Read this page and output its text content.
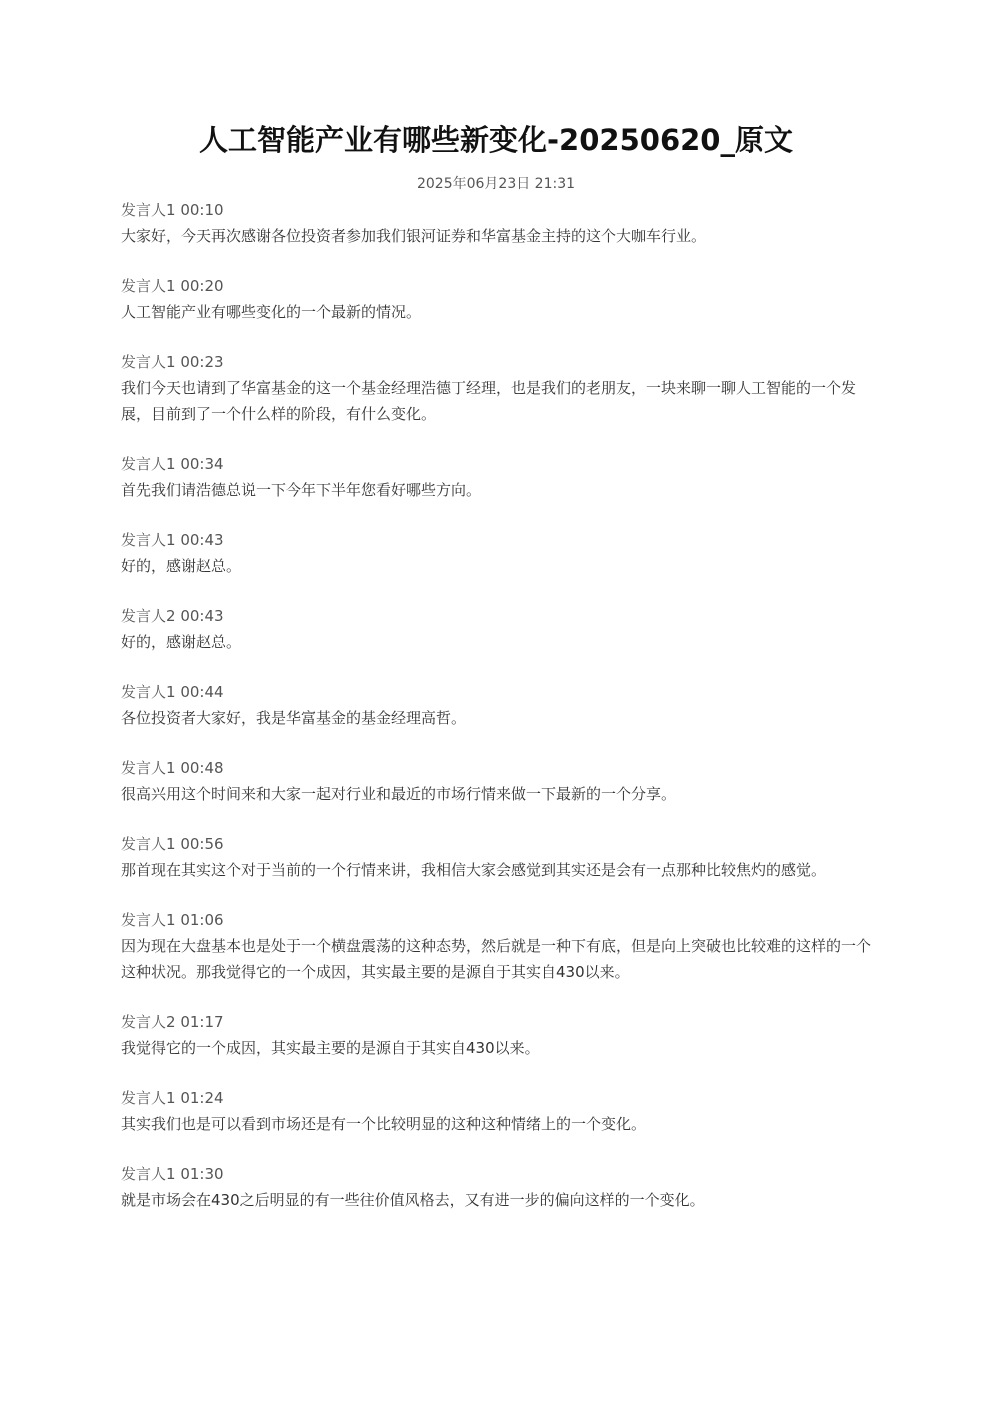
人工智能产业有哪些新变化-20250620_原文
2025年06月23日 21:31
发言人1 00:10
大家好，今天再次感谢各位投资者参加我们银河证券和华富基金主持的这个大咖车行业。
发言人1 00:20
人工智能产业有哪些变化的一个最新的情况。
发言人1 00:23
我们今天也请到了华富基金的这一个基金经理浩德丁经理，也是我们的老朋友，一块来聊一聊人工智能的一个发展，目前到了一个什么样的阶段，有什么变化。
发言人1 00:34
首先我们请浩德总说一下今年下半年您看好哪些方向。
发言人1 00:43
好的，感谢赵总。
发言人2 00:43
好的，感谢赵总。
发言人1 00:44
各位投资者大家好，我是华富基金的基金经理高哲。
发言人1 00:48
很高兴用这个时间来和大家一起对行业和最近的市场行情来做一下最新的一个分享。
发言人1 00:56
那首现在其实这个对于当前的一个行情来讲，我相信大家会感觉到其实还是会有一点那种比较焦灼的感觉。
发言人1 01:06
因为现在大盘基本也是处于一个横盘震荡的这种态势，然后就是一种下有底，但是向上突破也比较难的这样的一个这种状况。那我觉得它的一个成因，其实最主要的是源自于其实自430以来。
发言人2 01:17
我觉得它的一个成因，其实最主要的是源自于其实自430以来。
发言人1 01:24
其实我们也是可以看到市场还是有一个比较明显的这种这种情绪上的一个变化。
发言人1 01:30
就是市场会在430之后明显的有一些往价值风格去，又有进一步的偏向这样的一个变化。
